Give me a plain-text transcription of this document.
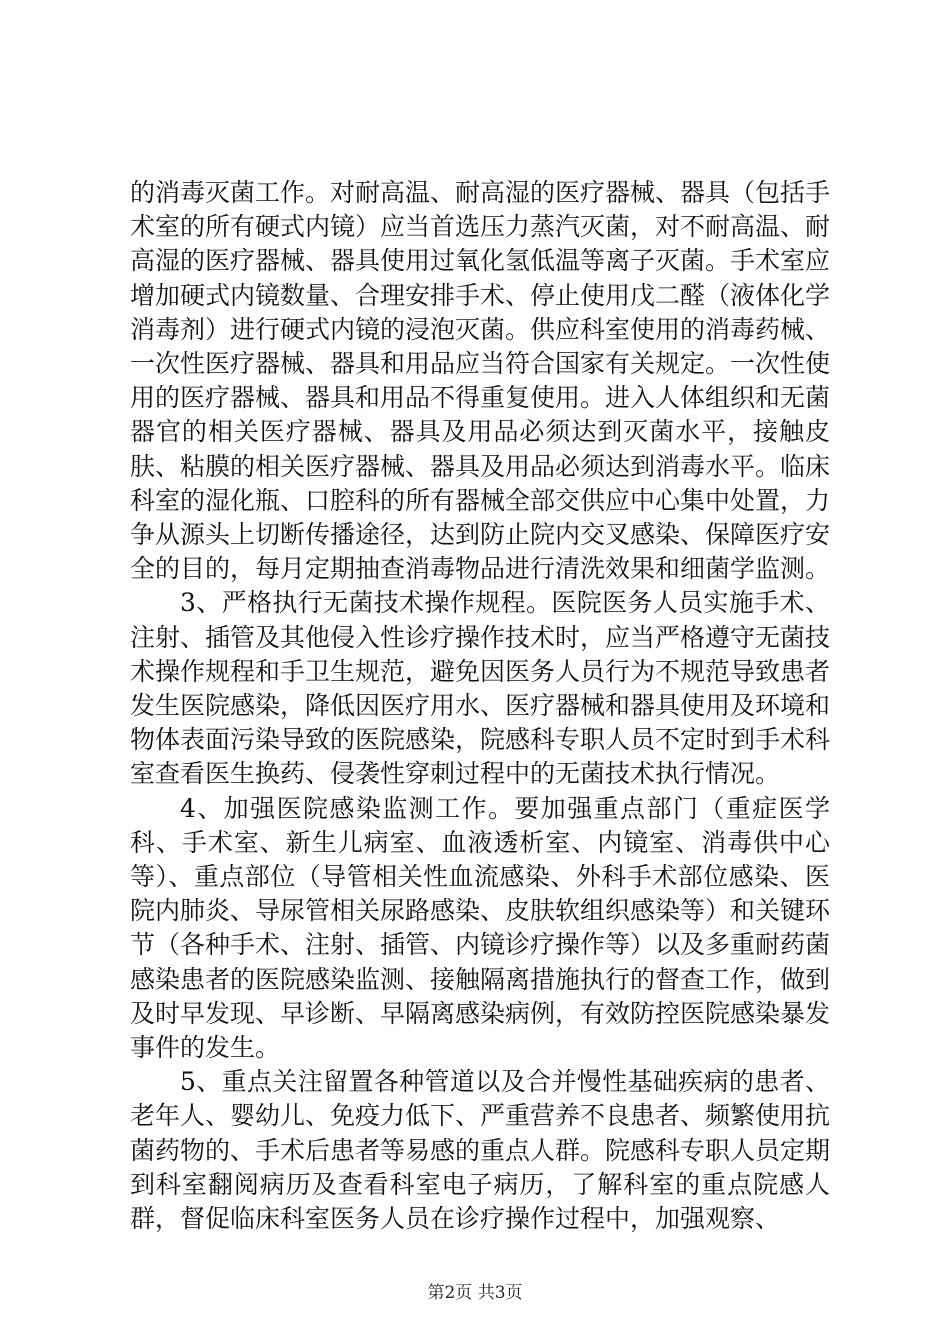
的消毒灭菌工作。对耐高温、耐高湿的医疗器械、器具（包括手术室的所有硬式内镜）应当首选压力蒸汽灭菌，对不耐高温、耐高湿的医疗器械、器具使用过氧化氢低温等离子灭菌。手术室应增加硬式内镜数量、合理安排手术、停止使用戊二醛（液体化学消毒剂）进行硬式内镜的浸泡灭菌。供应科室使用的消毒药械、一次性医疗器械、器具和用品应当符合国家有关规定。一次性使用的医疗器械、器具和用品不得重复使用。进入人体组织和无菌器官的相关医疗器械、器具及用品必须达到灭菌水平，接触皮肤、粘膜的相关医疗器械、器具及用品必须达到消毒水平。临床科室的湿化瓶、口腔科的所有器械全部交供应中心集中处置，力争从源头上切断传播途径，达到防止院内交叉感染、保障医疗安全的目的，每月定期抽查消毒物品进行清洗效果和细菌学监测。

3、严格执行无菌技术操作规程。医院医务人员实施手术、注射、插管及其他侵入性诊疗操作技术时，应当严格遵守无菌技术操作规程和手卫生规范，避免因医务人员行为不规范导致患者发生医院感染，降低因医疗用水、医疗器械和器具使用及环境和物体表面污染导致的医院感染，院感科专职人员不定时到手术科室查看医生换药、侵袭性穿刺过程中的无菌技术执行情况。

4、加强医院感染监测工作。要加强重点部门（重症医学科、手术室、新生儿病室、血液透析室、内镜室、消毒供中心等）、重点部位（导管相关性血流感染、外科手术部位感染、医院内肺炎、导尿管相关尿路感染、皮肤软组织感染等）和关键环节（各种手术、注射、插管、内镜诊疗操作等）以及多重耐药菌感染患者的医院感染监测、接触隔离措施执行的督查工作，做到及时早发现、早诊断、早隔离感染病例，有效防控医院感染暴发事件的发生。

5、重点关注留置各种管道以及合并慢性基础疾病的患者、老年人、婴幼儿、免疫力低下、严重营养不良患者、频繁使用抗菌药物的、手术后患者等易感的重点人群。院感科专职人员定期到科室翻阅病历及查看科室电子病历，了解科室的重点院感人群，督促临床科室医务人员在诊疗操作过程中，加强观察、

第2页 共3页
